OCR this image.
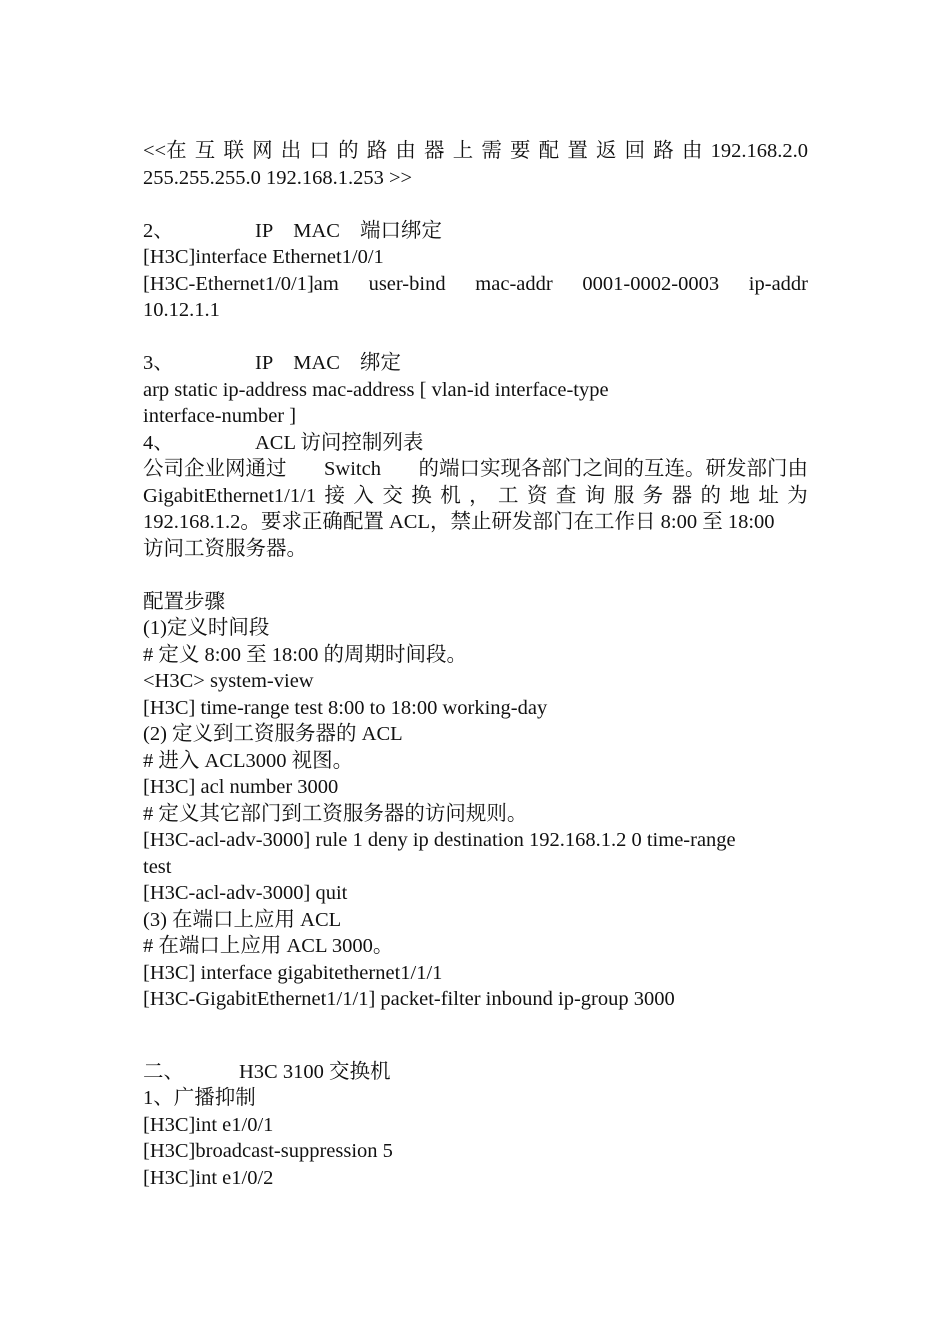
<<在 互 联 网 出 口 的 路 由 器 上 需 要 配 置 返 回 路 由 192.168.2.0
255.255.255.0 192.168.1.253 >>
2、	IP MAC 端口绑定
[H3C]interface Ethernet1/0/1
[H3C-Ethernet1/0/1]am user-bind mac-addr 0001-0002-0003 ip-addr
10.12.1.1
3、	IP MAC 绑定
arp static ip-address mac-address [ vlan-id interface-type
interface-number ]
4、	ACL 访问控制列表
公司企业网通过 Switch 的端口实现各部门之间的互连。研发部门由
GigabitEthernet1/1/1 接 入 交 换 机 ， 工 资 查 询 服 务 器 的 地 址 为
192.168.1.2。要求正确配置 ACL，禁止研发部门在工作日 8:00 至 18:00
访问工资服务器。
配置步骤
(1)定义时间段
# 定义 8:00 至 18:00 的周期时间段。
<H3C> system-view
[H3C] time-range test 8:00 to 18:00 working-day
(2) 定义到工资服务器的 ACL
# 进入 ACL3000 视图。
[H3C] acl number 3000
# 定义其它部门到工资服务器的访问规则。
[H3C-acl-adv-3000] rule 1 deny ip destination 192.168.1.2 0 time-range
test
[H3C-acl-adv-3000] quit
(3) 在端口上应用 ACL
# 在端口上应用 ACL 3000。
[H3C] interface gigabitethernet1/1/1
[H3C-GigabitEthernet1/1/1] packet-filter inbound ip-group 3000
二、	H3C 3100 交换机
1、广播抑制
[H3C]int e1/0/1
[H3C]broadcast-suppression 5
[H3C]int e1/0/2
